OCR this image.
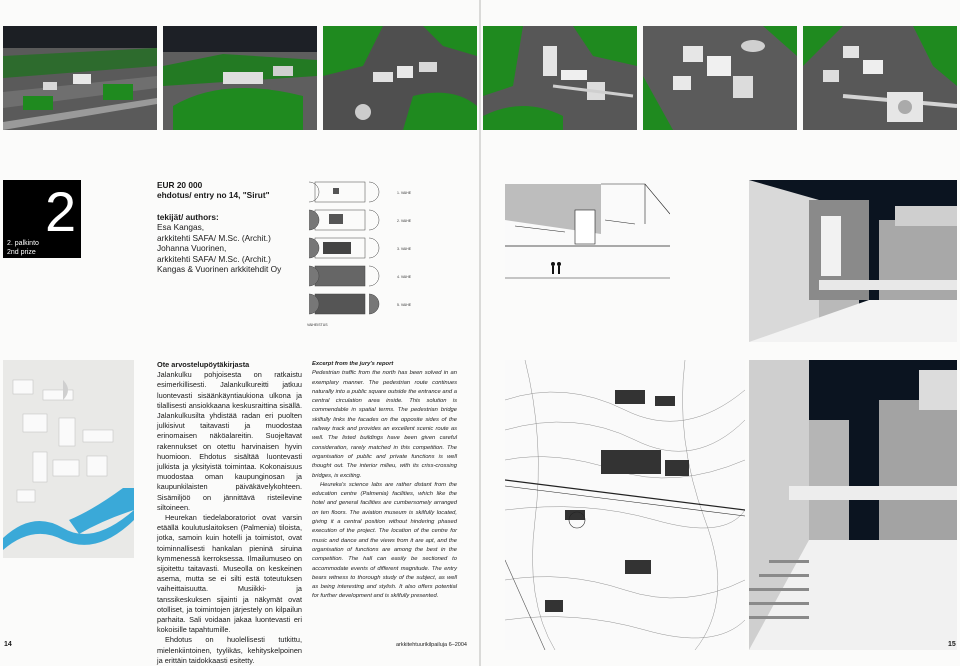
2
2. palkinto
2nd prize
EUR 20 000
ehdotus/ entry no 14, "Sirut"
tekijät/ authors:
Esa Kangas,
arkkitehti SAFA/ M.Sc. (Archit.)
Johanna Vuorinen,
arkkitehti SAFA/ M.Sc. (Archit.)
Kangas & Vuorinen arkkitehdit Oy
1. VAIHE
2. VAIHE
3. VAIHE
4. VAIHE
5. VAIHE
VAIHEISTUS
Ote arvostelupöytäkirjasta

Jalankulku pohjoisesta on ratkaistu esimerkillisesti. Jalankulkureitti jatkuu luontevasti sisäänkäyntiaukiona ulkona ja tilallisesti ansiokkaana keskusraittina sisällä. Jalankulkusilta yhdistää radan eri puolten julkisivut taitavasti ja muodostaa erinomaisen näköalareitin. Suojeltavat rakennukset on otettu harvinaisen hyvin huomioon. Ehdotus sisältää luontevasti julkista ja yksityistä toimintaa. Kokonaisuus muodostaa oman kaupunginosan ja kaupunkilaisten päiväkävelykohteen. Sisämiljöö on jännittävä risteilevine siltoineen.

Heurekan tiedelaboratoriot ovat varsin etäällä koulutuslaitoksen (Palmenia) tiloista, jotka, samoin kuin hotelli ja toimistot, ovat toiminnallisesti hankalan pieninä siruina kymmenessä kerroksessa. Ilmailumuseo on sijoitettu taitavasti. Museolla on keskeinen asema, mutta se ei silti estä toteutuksen vaiheittaisuutta. Musiikki- ja tanssikeskuksen sijainti ja näkymät ovat otolliset, ja toimintojen järjestely on kilpailun parhaita. Sali voidaan jakaa luontevasti eri kokoisille tapahtumille.

Ehdotus on huolellisesti tutkittu, mielenkiintoinen, tyylikäs, kehityskelpoinen ja erittäin taidokkaasti esitetty.

Excerpt from the jury's report

Pedestrian traffic from the north has been solved in an exemplary manner. The pedestrian route continues naturally into a public square outside the entrance and a central circulation area inside. This solution is commendable in spatial terms. The pedestrian bridge skilfully links the facades on the opposite sides of the railway track and provides an excellent scenic route as well. The listed buildings have been given careful consideration, rarely matched in this competition. The organisation of public and private functions is well thought out. The interior milieu, with its criss-crossing bridges, is exciting.

Heureka's science labs are rather distant from the education centre (Palmenia) facilities, which like the hotel and general facilities are cumbersomely arranged on ten floors. The aviation museum is skilfully located, giving it a central position without hindering phased execution of the project. The location of the centre for music and dance and the views from it are apt, and the organisation of functions are among the best in the competition. The hall can easily be sectioned to accommodate events of different magnitude. The entry bears witness to thorough study of the subject, as well as being interesting and stylish. It also offers potential for further development and is skilfully presented.

14	arkkitehtuurikilpailuja 6–2004	15
